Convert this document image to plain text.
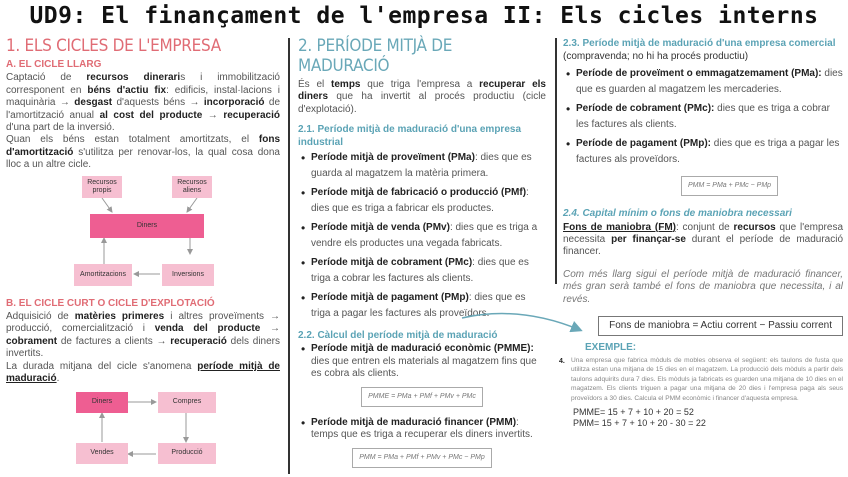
UD9: El finançament de l'empresa II: Els cicles interns
1. ELS CICLES DE L'EMPRESA
A. EL CICLE LLARG

Captació de recursos dineraris i immobilització corresponent en béns d'actiu fix: edificis, instal·lacions i maquinària → desgast d'aquests béns → incorporació de l'amortització anual al cost del producte → recuperació d'una part de la inversió.

Quan els béns estan totalment amortitzats, el fons d'amortització s'utilitza per renovar-los, la qual cosa dona lloc a un altre cicle.

Recursos propis
Recursos aliens
Diners
Amortitzacions	Inversions
B. EL CICLE CURT O CICLE D'EXPLOTACIÓ

Adquisició de matèries primeres i altres proveïments → producció, comercialització i venda del producte → cobrament de factures a clients → recuperació dels diners invertits.

La durada mitjana del cicle s'anomena període mitjà de maduració.

Diners	Compres
Vendes	Producció
2. PERÍODE MITJÀ DE MADURACIÓ

És el temps que triga l'empresa a recuperar els diners que ha invertit al procés productiu (cicle d'explotació).

2.1. Període mitjà de maduració d'una empresa industrial
• Període mitjà de proveïment (PMa): dies que es guarda al magatzem la matèria primera.
• Període mitjà de fabricació o producció (PMf): dies que es triga a fabricar els productes.
• Període mitjà de venda (PMv): dies que es triga a vendre els productes una vegada fabricats.
• Període mitjà de cobrament (PMc): dies que es triga a cobrar les factures als clients.
• Període mitjà de pagament (PMp): dies que es triga a pagar les factures als proveïdors.
2.2. Càlcul del període mitjà de maduració
• Període mitjà de maduració econòmic (PMME): dies que entren els materials al magatzem fins que es cobra als clients.
PMME = PMa + PMf + PMv + PMc
• Període mitjà de maduració financer (PMM): temps que es triga a recuperar els diners invertits.
PMM = PMa + PMf + PMv + PMc − PMp
2.3. Període mitjà de maduració d'una empresa comercial

(compravenda; no hi ha procés productiu)

• Període de proveïment o emmagatzemament (PMa): dies que es guarden al magatzem les mercaderies.
• Període de cobrament (PMc): dies que es triga a cobrar les factures als clients.
• Període de pagament (PMp): dies que es triga a pagar les factures als proveïdors.
PMM = PMa + PMc − PMp
2.4. Capital mínim o fons de maniobra necessari

Fons de maniobra (FM): conjunt de recursos que l'empresa necessita per finançar-se durant el període de maduració financer.

Com més llarg sigui el període mitjà de maduració financer, més gran serà també el fons de maniobra que necessita, i al revés.

Fons de maniobra = Actiu corrent − Passiu corrent
EXEMPLE:
4. Una empresa que fabrica mòduls de mobles observa el següent: els taulons de fusta que utilitza estan una mitjana de 15 dies en el magatzem. La producció dels mòduls a partir dels taulons adquirits dura 7 dies. Els mòduls ja fabricats es guarden una mitjana de 10 dies en el magatzem. Els clients triguen a pagar una mitjana de 20 dies i l'empresa paga als seus proveïdors a 30 dies. Calcula el PMM econòmic i financer d'aquesta empresa.

PMME= 15 + 7 + 10 + 20 = 52
PMM= 15 + 7 + 10 + 20 - 30 = 22
